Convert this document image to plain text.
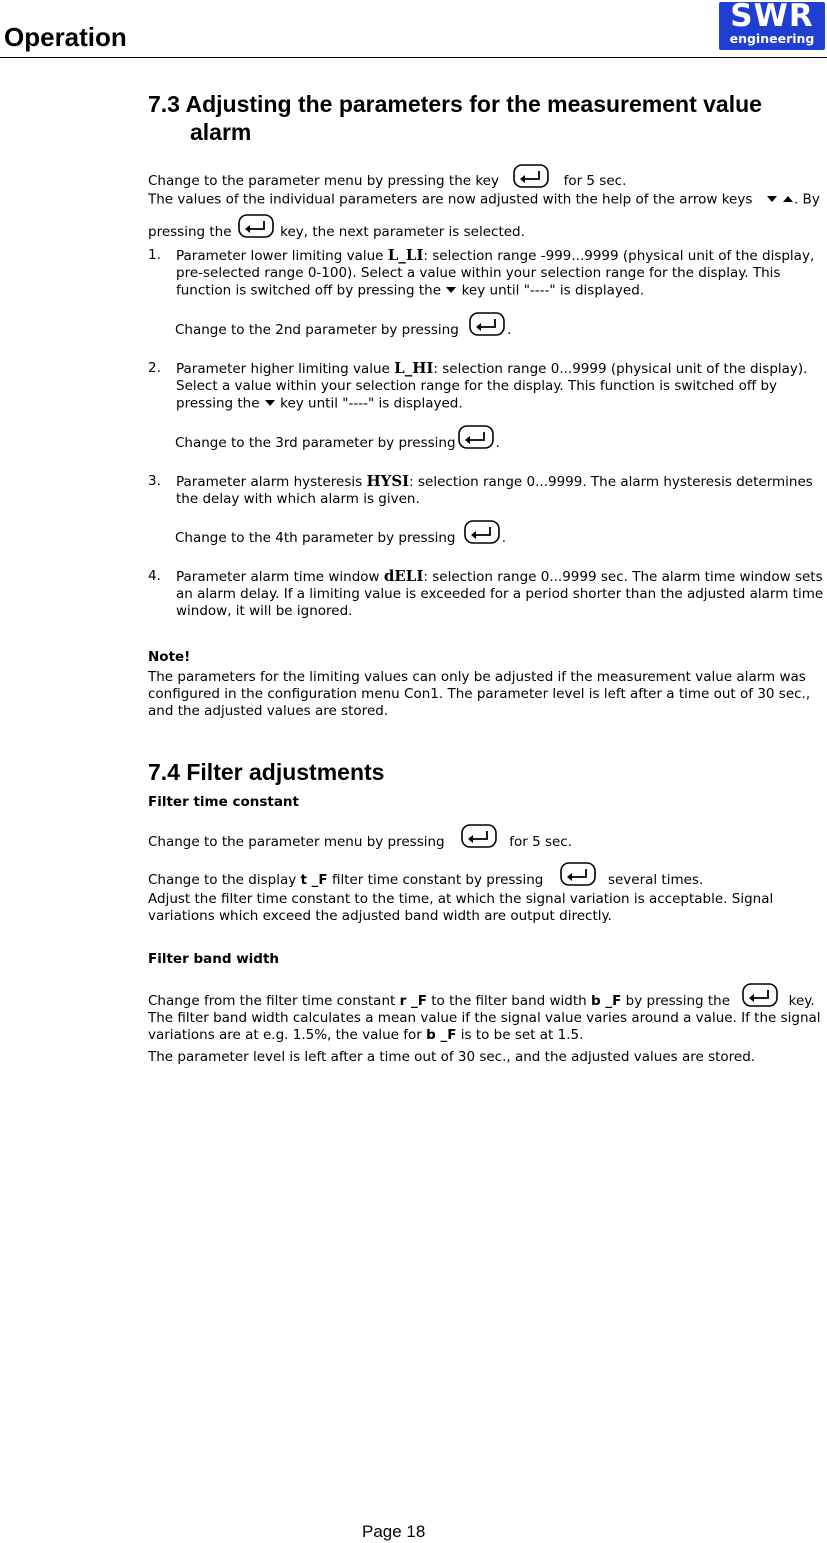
Operation
SWR
engineering
7.3 Adjusting the parameters for the measurement value
alarm
Change to the parameter menu by pressing the key	for 5 sec.
The values of the individual parameters are now adjusted with the help of the arrow keys	. By
pressing the	key, the next parameter is selected.
1. Parameter lower limiting value L_LI: selection range -999...9999 (physical unit of the display, pre-selected range 0-100). Select a value within your selection range for the display. This function is switched off by pressing the key until "----" is displayed.
Change to the 2nd parameter by pressing	.
2. Parameter higher limiting value L_HI: selection range 0...9999 (physical unit of the display). Select a value within your selection range for the display. This function is switched off by pressing the key until "----" is displayed.
Change to the 3rd parameter by pressing	.
3. Parameter alarm hysteresis HYSI: selection range 0...9999. The alarm hysteresis determines the delay with which alarm is given.
Change to the 4th parameter by pressing	.
4. Parameter alarm time window dELI: selection range 0...9999 sec. The alarm time window sets an alarm delay. If a limiting value is exceeded for a period shorter than the adjusted alarm time window, it will be ignored.
Note!
The parameters for the limiting values can only be adjusted if the measurement value alarm was configured in the configuration menu Con1. The parameter level is left after a time out of 30 sec., and the adjusted values are stored.
7.4 Filter adjustments
Filter time constant
Change to the parameter menu by pressing	for 5 sec.
Change to the display t _F filter time constant by pressing	several times.
Adjust the filter time constant to the time, at which the signal variation is acceptable. Signal variations which exceed the adjusted band width are output directly.
Filter band width
Change from the filter time constant r _F to the filter band width b _F by pressing the	key.
The filter band width calculates a mean value if the signal value varies around a value. If the signal variations are at e.g. 1.5%, the value for b _F is to be set at 1.5.
The parameter level is left after a time out of 30 sec., and the adjusted values are stored.
Page 18
